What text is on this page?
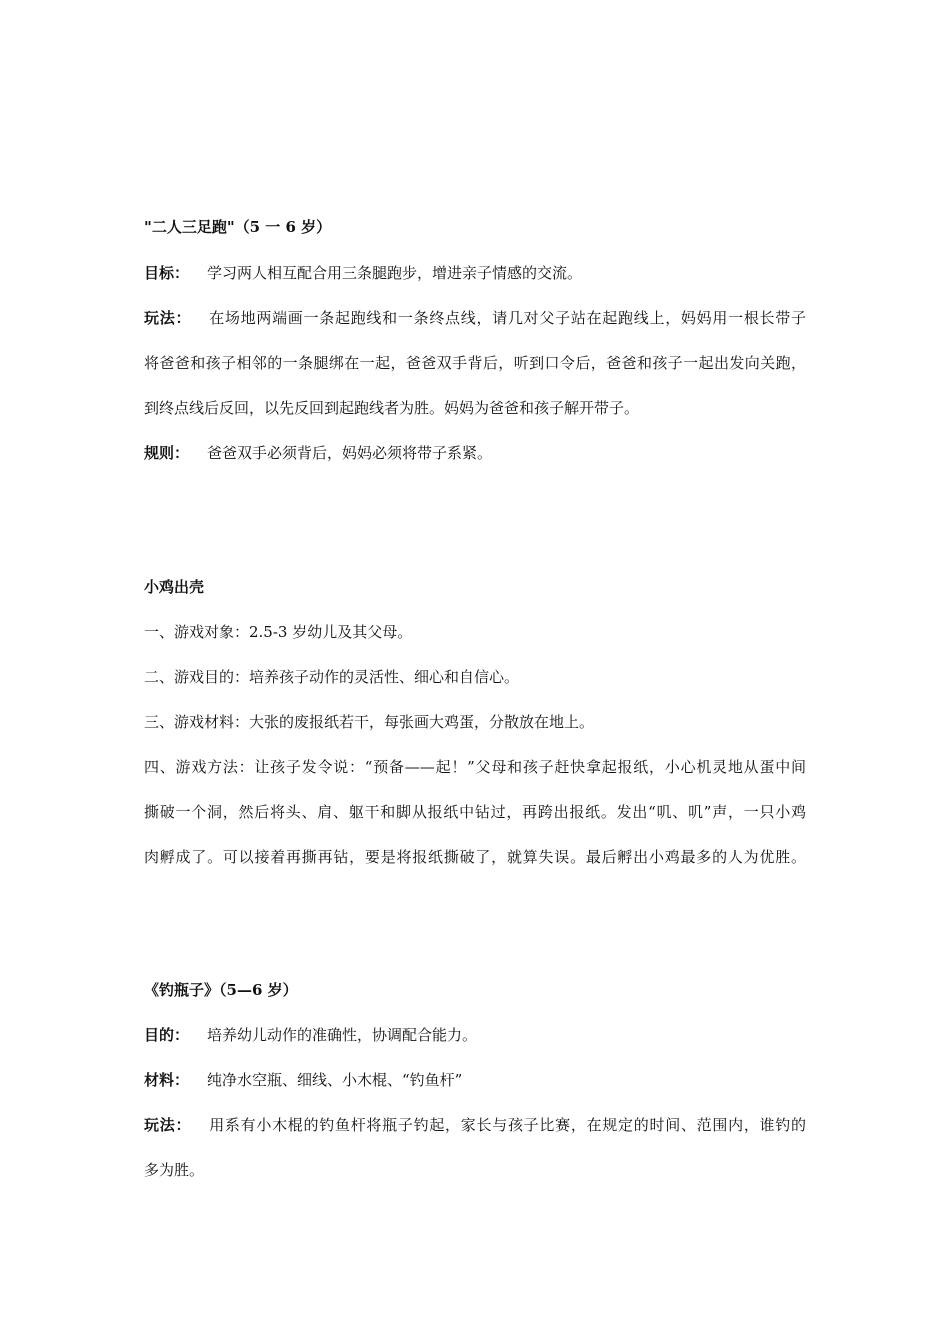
"二人三足跑"（5 一 6 岁）

目标： 学习两人相互配合用三条腿跑步，增进亲子情感的交流。

玩法： 在场地两端画一条起跑线和一条终点线，请几对父子站在起跑线上，妈妈用一根长带子

将爸爸和孩子相邻的一条腿绑在一起，爸爸双手背后，听到口令后，爸爸和孩子一起出发向关跑，

到终点线后反回，以先反回到起跑线者为胜。妈妈为爸爸和孩子解开带子。

规则： 爸爸双手必须背后，妈妈必须将带子系紧。

小鸡出壳

一、游戏对象：2.5-3 岁幼儿及其父母。

二、游戏目的：培养孩子动作的灵活性、细心和自信心。

三、游戏材料：大张的废报纸若干，每张画大鸡蛋，分散放在地上。

四、游戏方法：让孩子发令说：“预备——起！”父母和孩子赶快拿起报纸，小心机灵地从蛋中间

撕破一个洞，然后将头、肩、躯干和脚从报纸中钻过，再跨出报纸。发出“叽、叽”声，一只小鸡

肉孵成了。可以接着再撕再钻，要是将报纸撕破了，就算失误。最后孵出小鸡最多的人为优胜。

《钓瓶子》（5—6 岁）

目的： 培养幼儿动作的准确性，协调配合能力。

材料： 纯净水空瓶、细线、小木棍、“钓鱼杆”

玩法： 用系有小木棍的钓鱼杆将瓶子钓起，家长与孩子比赛，在规定的时间、范围内，谁钓的

多为胜。
